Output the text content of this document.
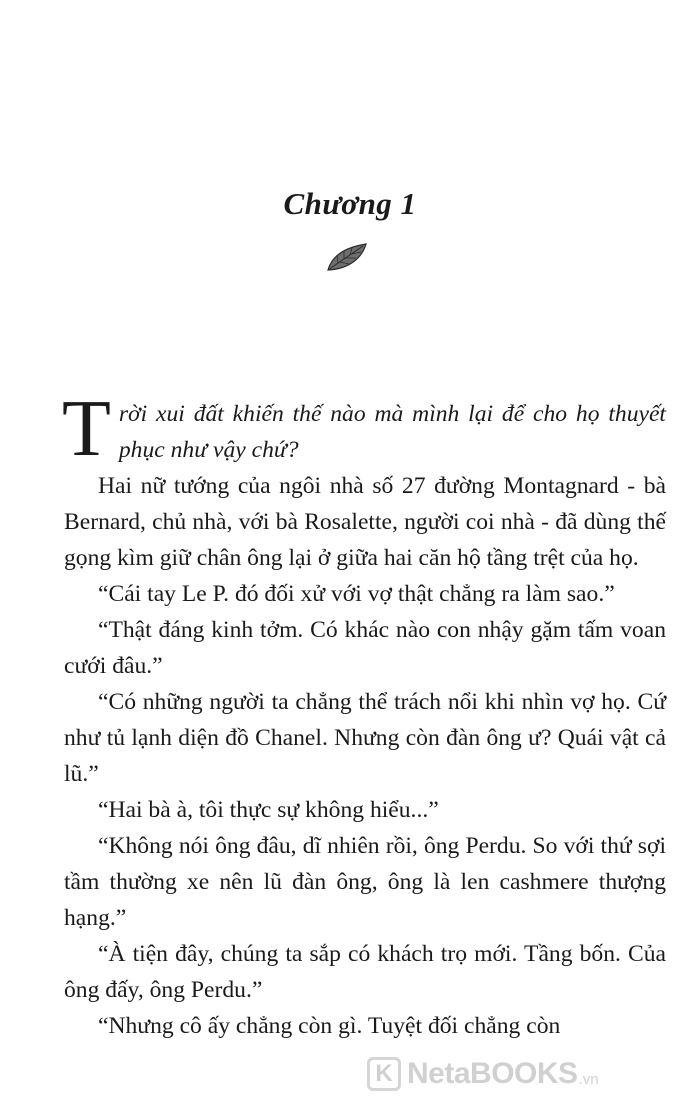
Chương 1

Trời xui đất khiến thế nào mà mình lại để cho họ thuyết phục như vậy chứ?

Hai nữ tướng của ngôi nhà số 27 đường Montagnard - bà Bernard, chủ nhà, với bà Rosalette, người coi nhà - đã dùng thế gọng kìm giữ chân ông lại ở giữa hai căn hộ tầng trệt của họ.

“Cái tay Le P. đó đối xử với vợ thật chẳng ra làm sao.”

“Thật đáng kinh tởm. Có khác nào con nhậy gặm tấm voan cưới đâu.”

“Có những người ta chẳng thể trách nổi khi nhìn vợ họ. Cứ như tủ lạnh diện đồ Chanel. Nhưng còn đàn ông ư? Quái vật cả lũ.”

“Hai bà à, tôi thực sự không hiểu...”

“Không nói ông đâu, dĩ nhiên rồi, ông Perdu. So với thứ sợi tầm thường xe nên lũ đàn ông, ông là len cashmere thượng hạng.”

“À tiện đây, chúng ta sắp có khách trọ mới. Tầng bốn. Của ông đấy, ông Perdu.”

“Nhưng cô ấy chẳng còn gì. Tuyệt đối chẳng còn

K NetaBOOKS .vn
